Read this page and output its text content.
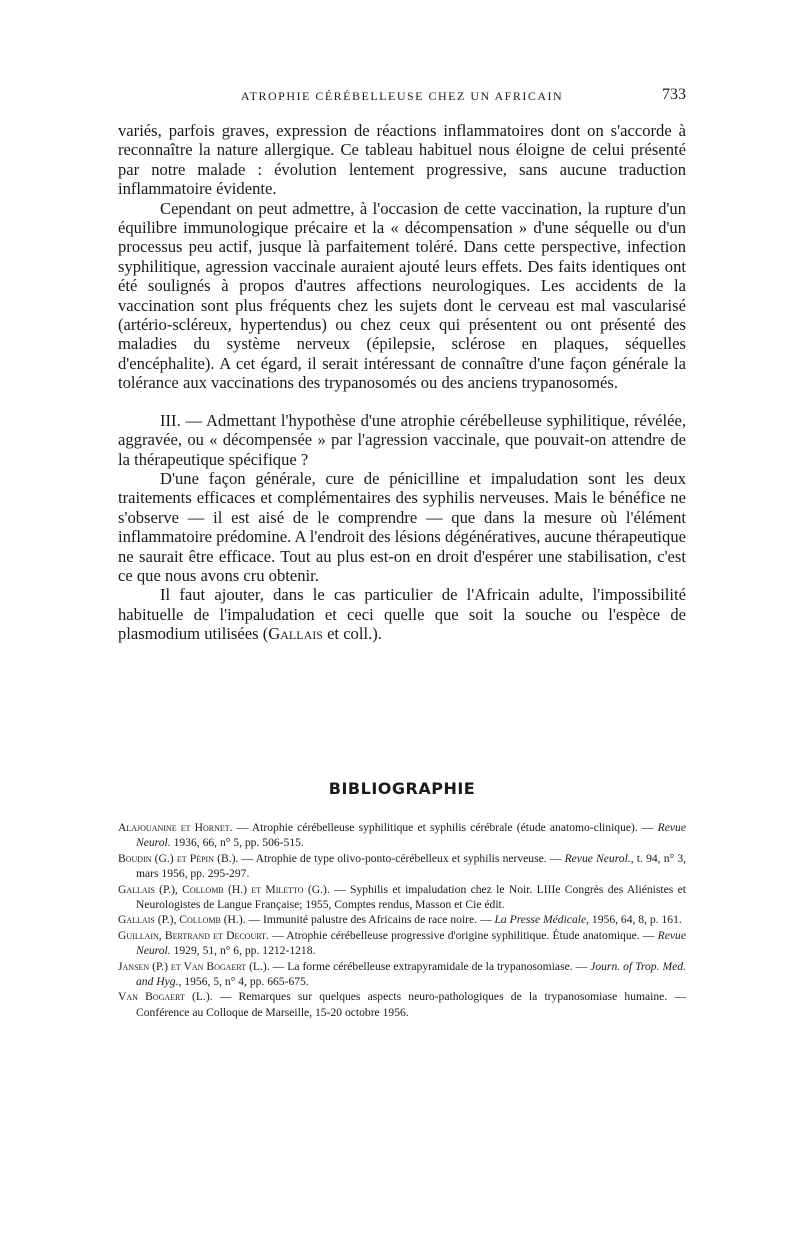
ATROPHIE CÉRÉBELLEUSE CHEZ UN AFRICAIN	733

variés, parfois graves, expression de réactions inflammatoires dont on s'accorde à reconnaître la nature allergique. Ce tableau habituel nous éloigne de celui présenté par notre malade : évolution lentement progressive, sans aucune traduction inflammatoire évidente.

Cependant on peut admettre, à l'occasion de cette vaccination, la rupture d'un équilibre immunologique précaire et la « décompensation » d'une séquelle ou d'un processus peu actif, jusque là parfaitement toléré. Dans cette perspective, infection syphilitique, agression vaccinale auraient ajouté leurs effets. Des faits identiques ont été soulignés à propos d'autres affections neurologiques. Les accidents de la vaccination sont plus fréquents chez les sujets dont le cerveau est mal vascularisé (artério-scléreux, hypertendus) ou chez ceux qui présentent ou ont présenté des maladies du système nerveux (épilepsie, sclérose en plaques, séquelles d'encéphalite). A cet égard, il serait intéressant de connaître d'une façon générale la tolérance aux vaccinations des trypanosomés ou des anciens trypanosomés.

III. — Admettant l'hypothèse d'une atrophie cérébelleuse syphilitique, révélée, aggravée, ou « décompensée » par l'agression vaccinale, que pouvait-on attendre de la thérapeutique spécifique ?

D'une façon générale, cure de pénicilline et impaludation sont les deux traitements efficaces et complémentaires des syphilis nerveuses. Mais le bénéfice ne s'observe — il est aisé de le comprendre — que dans la mesure où l'élément inflammatoire prédomine. A l'endroit des lésions dégénératives, aucune thérapeutique ne saurait être efficace. Tout au plus est-on en droit d'espérer une stabilisation, c'est ce que nous avons cru obtenir.

Il faut ajouter, dans le cas particulier de l'Africain adulte, l'impossibilité habituelle de l'impaludation et ceci quelle que soit la souche ou l'espèce de plasmodium utilisées (Gallais et coll.).

BIBLIOGRAPHIE

Alajouanine et Hornet. — Atrophie cérébelleuse syphilitique et syphilis cérébrale (étude anatomo-clinique). — Revue Neurol. 1936, 66, n° 5, pp. 506-515.

Boudin (G.) et Pépin (B.). — Atrophie de type olivo-ponto-cérébelleux et syphilis nerveuse. — Revue Neurol., t. 94, n° 3, mars 1956, pp. 295-297.

Gallais (P.), Collomb (H.) et Miletto (G.). — Syphilis et impaludation chez le Noir. LIIIe Congrès des Aliénistes et Neurologistes de Langue Française; 1955, Comptes rendus, Masson et Cie édit.

Gallais (P.), Collomb (H.). — Immunité palustre des Africains de race noire. — La Presse Médicale, 1956, 64, 8, p. 161.

Guillain, Bertrand et Decourt. — Atrophie cérébelleuse progressive d'origine syphilitique. Étude anatomique. — Revue Neurol. 1929, 51, n° 6, pp. 1212-1218.

Jansen (P.) et Van Bogaert (L.). — La forme cérébelleuse extrapyramidale de la trypanosomiase. — Journ. of Trop. Med. and Hyg., 1956, 5, n° 4, pp. 665-675.

Van Bogaert (L.). — Remarques sur quelques aspects neuro-pathologiques de la trypanosomiase humaine. — Conférence au Colloque de Marseille, 15-20 octobre 1956.
